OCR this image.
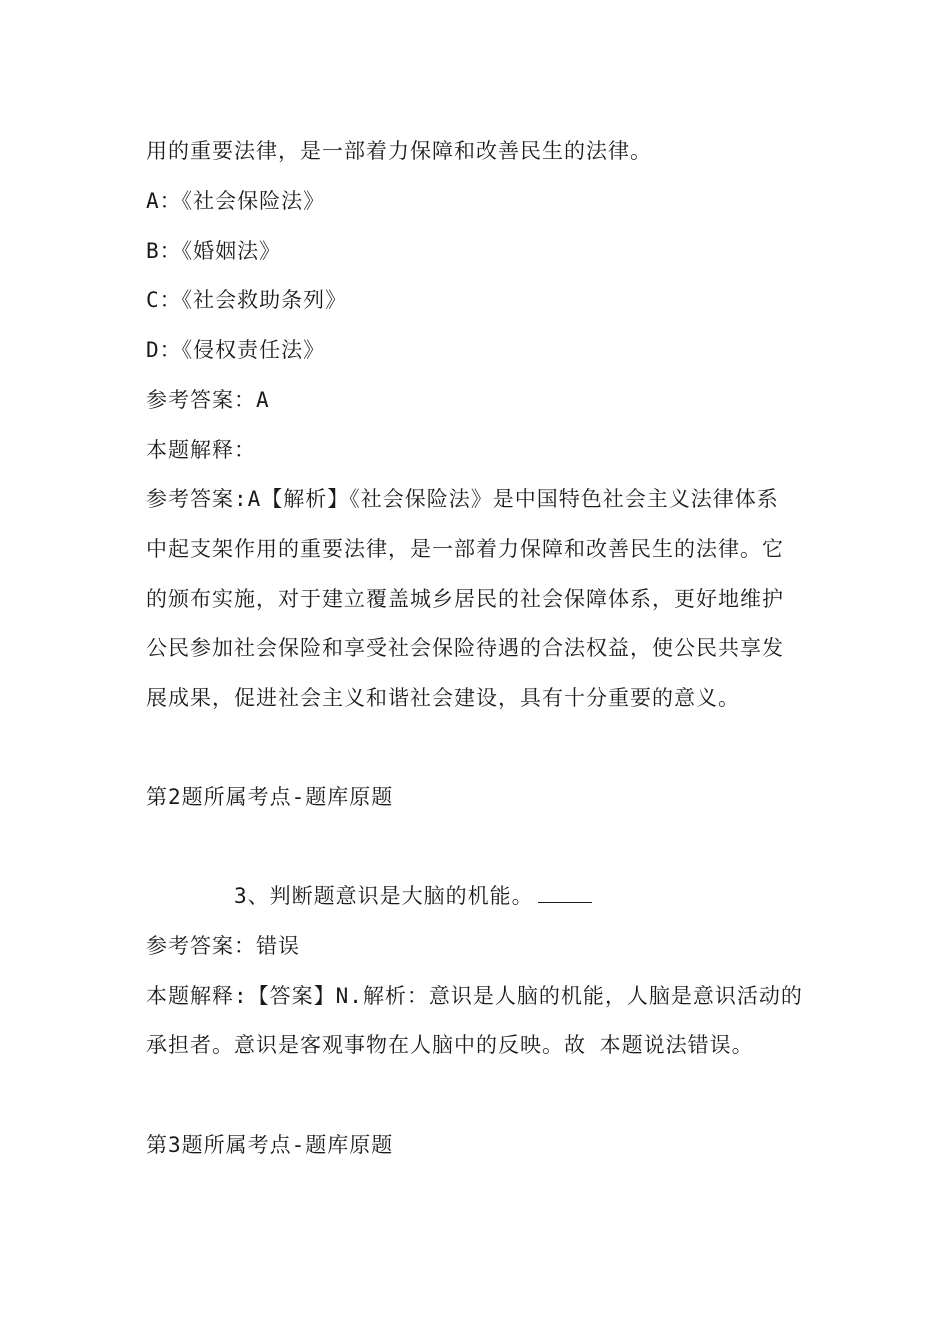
用的重要法律，是一部着力保障和改善民生的法律。
A：《社会保险法》
B：《婚姻法》
C：《社会救助条列》
D：《侵权责任法》
参考答案：A
本题解释：
参考答案:A【解析】《社会保险法》是中国特色社会主义法律体系
中起支架作用的重要法律，是一部着力保障和改善民生的法律。它
的颁布实施，对于建立覆盖城乡居民的社会保障体系，更好地维护
公民参加社会保险和享受社会保险待遇的合法权益，使公民共享发
展成果，促进社会主义和谐社会建设，具有十分重要的意义。
第2题所属考点-题库原题
3、判断题意识是大脑的机能。
参考答案：错误
本题解释:【答案】N.解析：意识是人脑的机能，人脑是意识活动的
承担者。意识是客观事物在人脑中的反映。故 本题说法错误。
第3题所属考点-题库原题
